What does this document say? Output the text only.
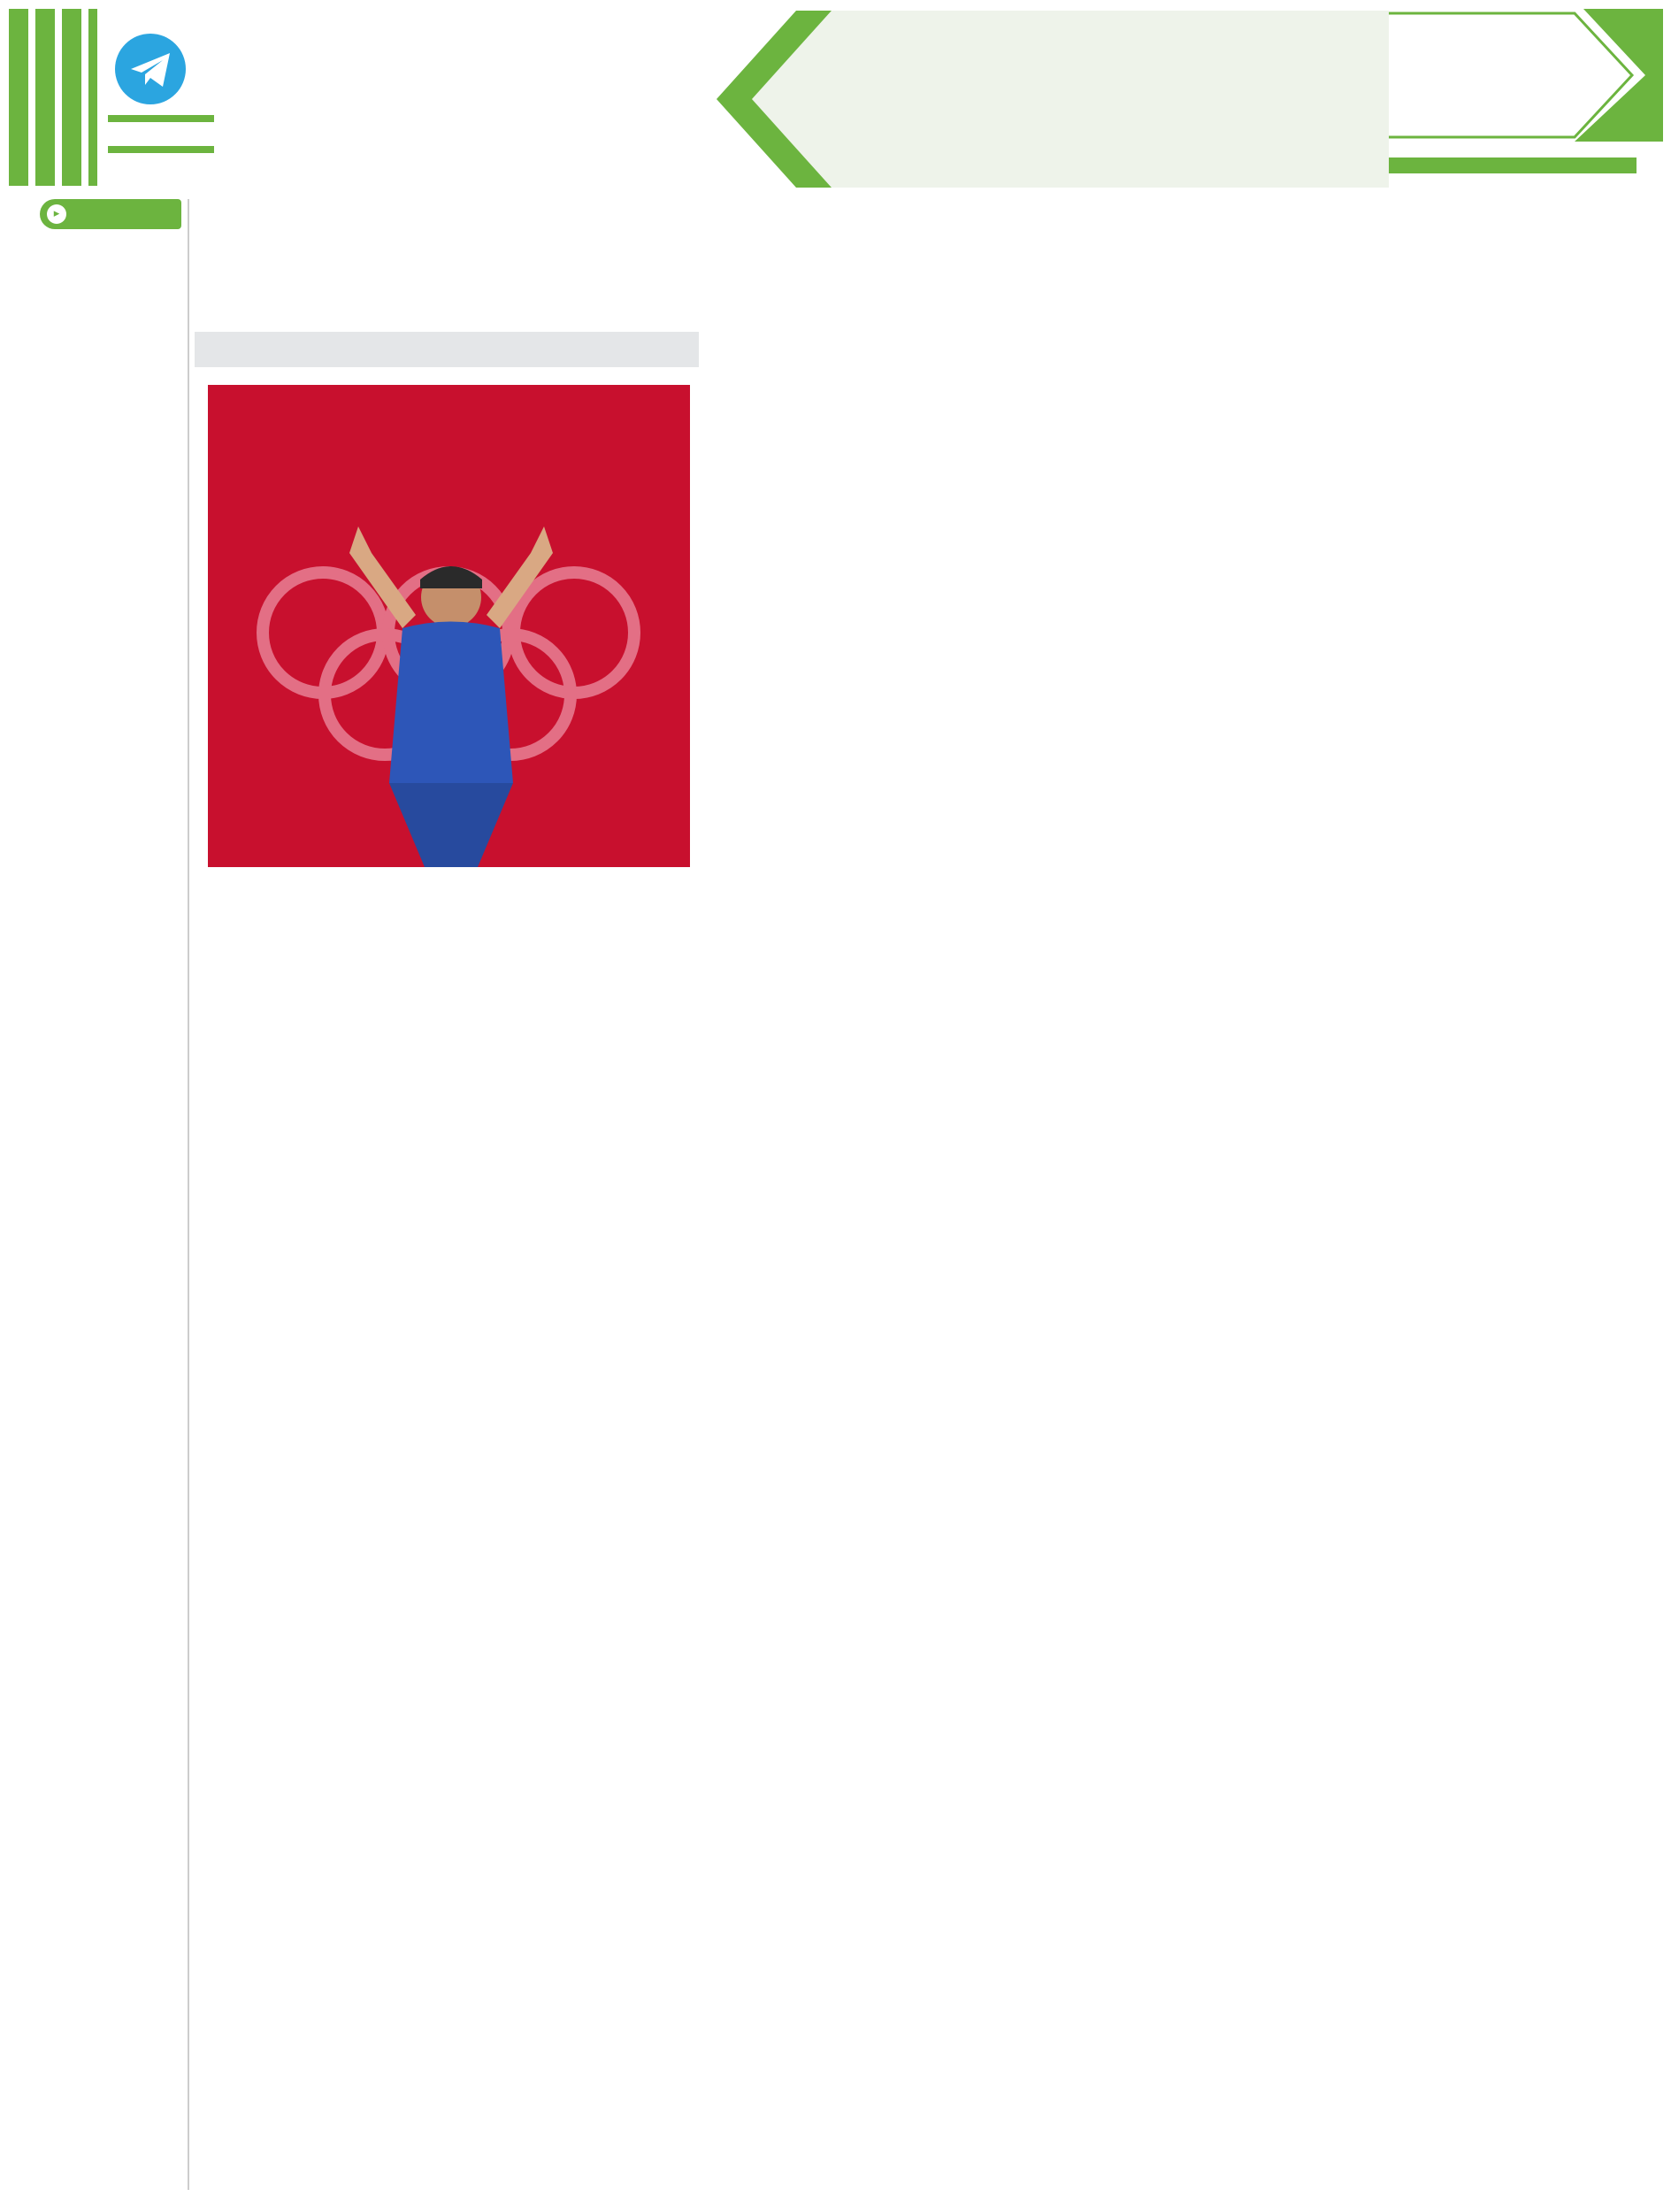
▸
